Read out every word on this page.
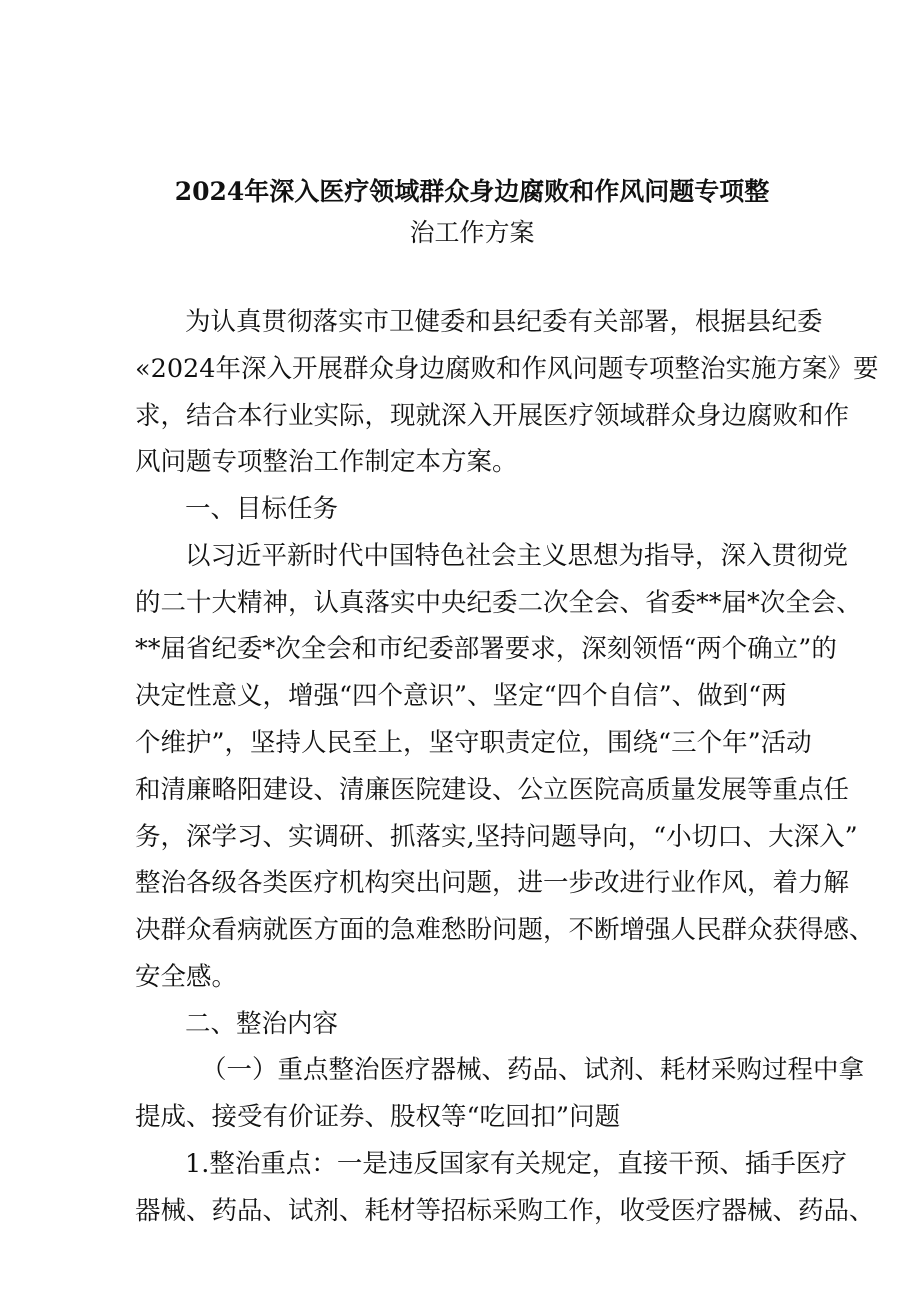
2024年深入医疗领域群众身边腐败和作风问题专项整
治工作方案
为认真贯彻落实市卫健委和县纪委有关部署，根据县纪委
«2024年深入开展群众身边腐败和作风问题专项整治实施方案》要
求，结合本行业实际，现就深入开展医疗领域群众身边腐败和作
风问题专项整治工作制定本方案。
一、目标任务
以习近平新时代中国特色社会主义思想为指导，深入贯彻党
的二十大精神，认真落实中央纪委二次全会、省委**届*次全会、
**届省纪委*次全会和市纪委部署要求，深刻领悟“两个确立”的
决定性意义，增强“四个意识”、坚定“四个自信”、做到“两
个维护”，坚持人民至上，坚守职责定位，围绕“三个年”活动
和清廉略阳建设、清廉医院建设、公立医院高质量发展等重点任
务，深学习、实调研、抓落实,坚持问题导向，“小切口、大深入”
整治各级各类医疗机构突出问题，进一步改进行业作风，着力解
决群众看病就医方面的急难愁盼问题，不断增强人民群众获得感、
安全感。
二、整治内容
（一）重点整治医疗器械、药品、试剂、耗材采购过程中拿
提成、接受有价证券、股权等“吃回扣”问题
1.整治重点：一是违反国家有关规定，直接干预、插手医疗
器械、药品、试剂、耗材等招标采购工作，收受医疗器械、药品、
